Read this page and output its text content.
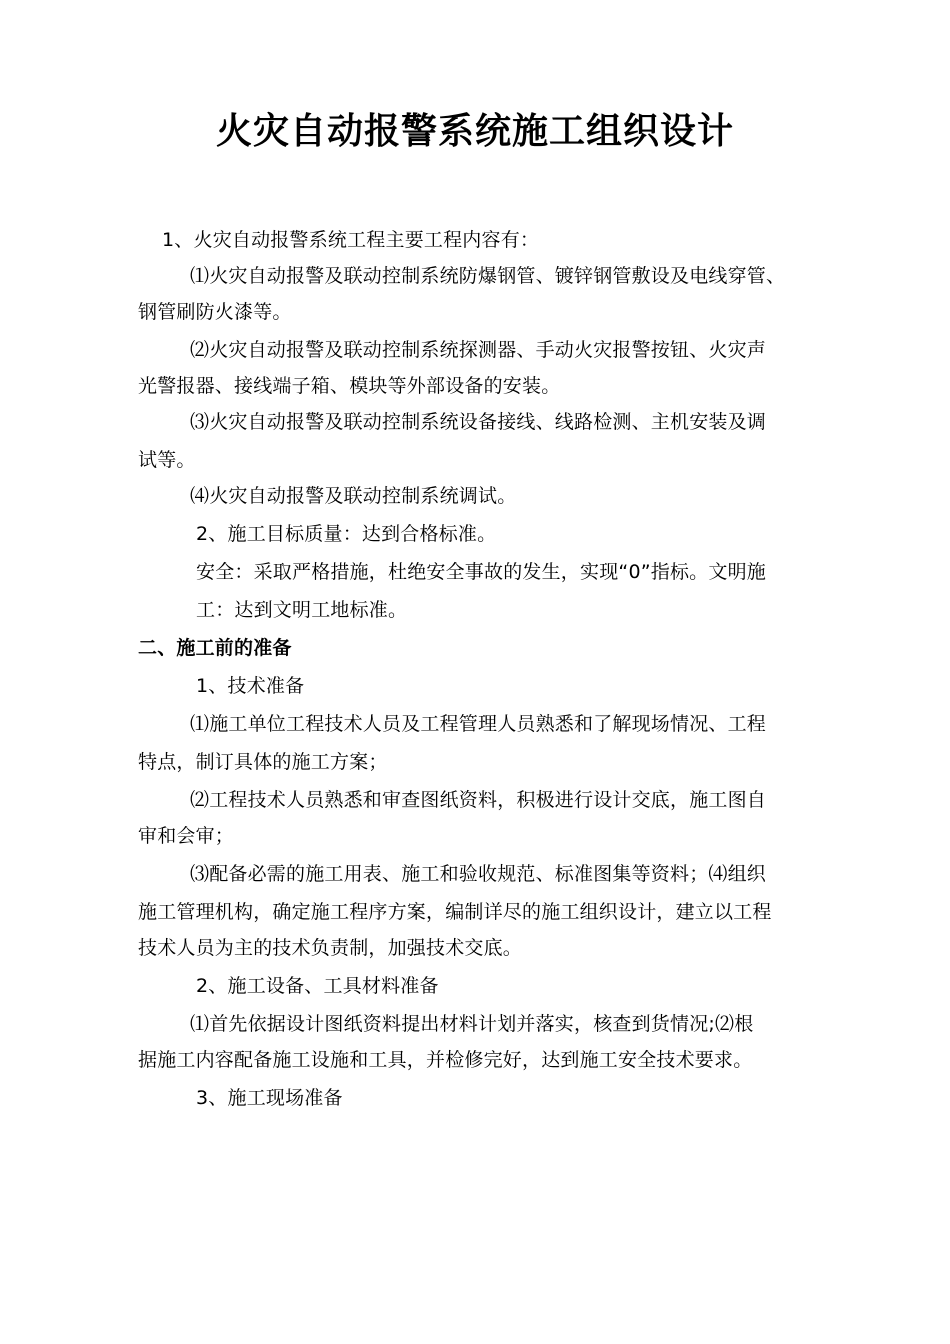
火灾自动报警系统施工组织设计
1、火灾自动报警系统工程主要工程内容有：
⑴火灾自动报警及联动控制系统防爆钢管、镀锌钢管敷设及电线穿管、
钢管刷防火漆等。
⑵火灾自动报警及联动控制系统探测器、手动火灾报警按钮、火灾声
光警报器、接线端子箱、模块等外部设备的安装。
⑶火灾自动报警及联动控制系统设备接线、线路检测、主机安装及调
试等。
⑷火灾自动报警及联动控制系统调试。
2、施工目标质量：达到合格标准。
安全：采取严格措施，杜绝安全事故的发生，实现“0”指标。文明施
工：达到文明工地标准。
二、施工前的准备
1、技术准备
⑴施工单位工程技术人员及工程管理人员熟悉和了解现场情况、工程
特点，制订具体的施工方案；
⑵工程技术人员熟悉和审查图纸资料，积极进行设计交底，施工图自
审和会审；
⑶配备必需的施工用表、施工和验收规范、标准图集等资料；⑷组织
施工管理机构，确定施工程序方案，编制详尽的施工组织设计，建立以工程
技术人员为主的技术负责制，加强技术交底。
2、施工设备、工具材料准备
⑴首先依据设计图纸资料提出材料计划并落实，核查到货情况;⑵根
据施工内容配备施工设施和工具，并检修完好，达到施工安全技术要求。
3、施工现场准备
